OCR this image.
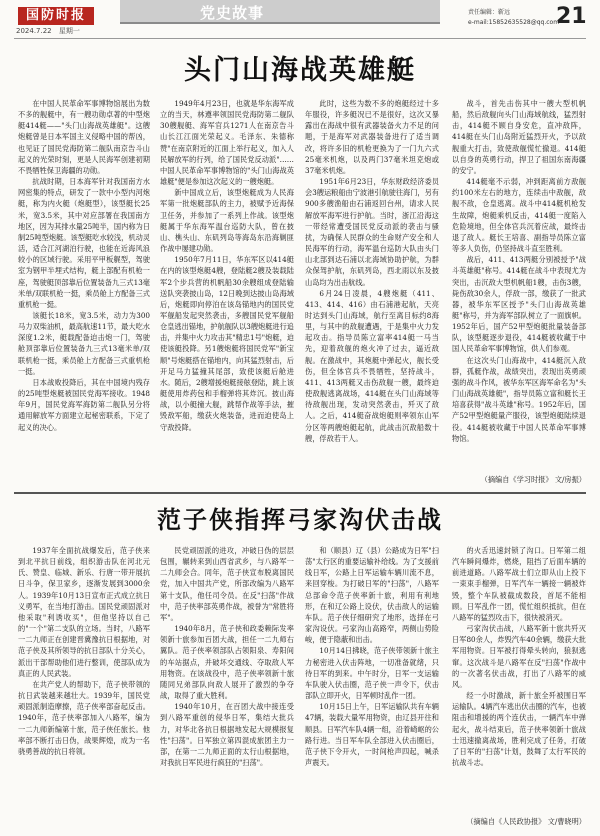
国防时报
2024.7.22 星期一
党史故事	责任编辑：靳远
e-mail:15852635528@qq.com
21
头门山海战英雄艇

在中国人民革命军事博物馆展出为数不多的舰艇中，有一艘功勋卓著的中型炮艇414艇——"头门山海战英雄艇"。这艘炮艇曾是日本军国主义侵略中国的帮凶，也见证了国民党海防第二舰队南京告斗山起义的光荣时刻，更是人民海军创建初期不畏牺牲保卫海疆的功勋。

抗战时期，日本海军针对我国南方水网密集的特点，研发了一款中小型内河炮艇，称为内火艇（炮艇型），该型艇长25米，宽3.5米，其中对应部署在我国南方地区，因为其排水量25吨半，国内称为日制25吨型炮艇。该型艇吃水较浅，机动灵活，适合江河湖泊行驶，也能在近海风浪较小的区域行驶。采用平甲板艉型，驾驶室为钢甲半埋式结构，艇上部配有机枪一座，驾驶艇顶部靠后位置装备九三式13毫米单/双联机枪一挺，乘员舱上方配备三式重机枪一挺。

该艇长18米，宽3.5米，动力为300马力双柴油机，最高航速11节，最大吃水深度1.2米，艇载配备迫击炮一门，驾驶舱顶部靠后位置装备九三式13毫米单/双联机枪一挺，乘员舱上方配备三式重机枪一挺。

日本战败投降后，其在中国境内残存的25吨型炮艇被国民党海军接收。1948年9月，国民党海军海防第二舰队另分将通用解放军方面建立起秘密联系，下定了起义的决心。

1949年4月23日，也就是华东海军成立的当天，林遵率领国民党海防第二舰队30艘舰艇、海军官兵1271人在南京告斗山长江江面光荣起义。毛泽东、朱德称赞"在南京附近的江面上举行起义，加入人民解放军的行列，给了国民党反动派"……中国人民革命军事博物馆的"头门山海战英雄艇"便是参加这次起义的一艘炮艇。

新中国成立后，该型炮艇成为人民海军第一批炮艇部队的主力，被赋予近海保卫任务，并参加了一系列上作战。该型炮艇属于华东海军温台巡防大队，曾在披山、樵头山、东矶列岛等海岛东沿海剿匪作战中屡建功勋。

1950年7月11日，华东军区以414艇在内的该型炮艇4艘，登陆艇2艘及装载陆军2个步兵营的机帆船30余艘组成登陆输送队突袭披山岛，12日晚到达披山岛海域后，炮艇即向停泊在该岛锚地内的国民党军舰船发起突然袭击，多艘国民党军舰船仓皇逃出锚地，护航舰队以3艘炮艇进行追击，并集中火力攻击其"精忠1号"炮艇，迫使该艇投降。另1艘炮艇将国民党军"新宝顺"号炮艇搭在锚地内，向其猛烈射击，后开足马力猛撞其尾部，致使该艇后舱进水。随后，2艘增援炮艇接舷登陆，跳上该艇使用炸药包和手榴弹将其炸沉。披山海战，以小艇撞大舰，跳帮作战等手法，摧毁敌军船，缴获火炮装备，进而迫使岛上守敌投降。

此时，这些为数不多的炮艇经过十多年服役，许多艇况已不是很好，这次又暴露出在海战中很有武器装备火力不足的问题，于是海军对武器装备进行了适当调改，将许多旧的机枪更换为了一门九六式25毫米机炮，以及两门37毫米坦克炮或37毫米机炮。

1951年6月23日，华东财政经济委员会3艘运粮船由宁波港引航驶往海门，另有900多艘渔船由石浦返回台州，请求人民解放军海军进行护航。当时，浙江沿海这一带经常遭受国民党反动派的袭击与骚扰，为确保人民群众的生命财产安全和人民海军的行动，海军温台巡防大队由头门山北部到达石浦以北海域协助护航，为群众保驾护航，东矶列岛，西北雨以东及披山岛均为出击航线。

6月24日凌晨，4艘炮艇（411、413、414、416）由石浦港起航，天亮时达到头门山海域，航行至离目标约8海里，与其中的敌舰遭遇，于是集中火力发起攻击。指导员陈立富率414艇一马当先，迎着敌舰的炮火冲了过去，逼近敌舰。在激战中，其炮艇中弹起火，舰长受伤，但全体官兵不畏牺牲，坚持战斗，411、413两艇又击伤敌舰一艘，最终迫使敌舰逃离战场，414艇在头门山海域等待敌舰出现，发动突然袭击，歼灭了敌人。之后，414艇奋战炮艇则率领东山军分区等两艘炮艇起航，此战击沉敌船数十艘，俘敌若干人。

战斗，首先击伤其中一艘大型机帆船，然后敌舰向头门山海域航线，猛烈射击，414艇不顾自身安危，直冲敌阵，414艇在头门山岛附近猛烈开火，予以敌舰重大打击，致使敌舰慌忙撤退。414艇以自身的英勇行动，捍卫了祖国东南海疆的安宁。

414艇毫不示弱，冲到距离前方敌舰约100米左右的地方，连续击中敌舰，敌舰不敌，仓皇逃离。战斗中414艇机枪发生故障，炮艇乘机反击，414艇一度陷入危险境地，但全体官兵沉着应战，最终击退了敌人。艇长王培喜、副指导员陈立富等多人负伤，仍坚持战斗直至胜利。

战后，411、413两艇分别被授予"战斗英雄艇"称号。414艇在战斗中表现尤为突出，击沉敌大型机帆船1艘，击伤3艘，毙伤敌30余人，俘敌一部，缴获了一批武器，被华东军区授予"头门山海战英雄艇"称号，并为海军部队树立了一面旗帜。1952年后，国产52甲型炮艇批量装备部队，该型艇逐步退役，414艇被收藏于中国人民革命军事博物馆，供人们参观。

在这次头门山海战中，414艇沉入敌群，孤艇作战，战绩突出，表现出英勇顽强的战斗作风，被华东军区海军命名为"头门山海战英雄艇"，指导员陈立富和艇长王培喜获得"战斗英雄"称号。1952年后，国产52甲型炮艇量产服役，该型炮艇陆续退役。414艇被收藏于中国人民革命军事博物馆。

（摘编自《学习时报》 文/房振）

范子侠指挥弓家沟伏击战

1937年全面抗战爆发后，范子侠来到北平抗日前线，组织游击队在河北元氏、赞皇、临城、新乐、行唐一带开展抗日斗争，保卫家乡，逐渐发展到3000余人。1939年10月13日宣布正式成立抗日义勇军，在当地打游击。国民党顽固派对他采取"利诱收买"，但他坚持以自己的"一个"第二支队的立场。当时，八路军一二九师正在创建晋冀豫抗日根据地，对范子侠及其所领导的抗日部队十分关心，派出干部帮助他们进行整训，使部队成为真正的人民武装。

在共产党人的帮助下，范子侠带领的抗日武装越来越壮大。1939年，国民党顽固派制造摩擦，范子侠率部奋起反击。1940年，范子侠率部加入八路军，编为一二九师新编第十旅，范子侠任旅长。他率部不断打击日伪，战果辉煌，成为一名骁勇善战的抗日将领。

民党顽固派的进攻，冲破日伪的层层包围，辗转来到山西省武乡，与八路军一二九师会合。同年，范子侠宣布脱离国民党，加入中国共产党，所部改编为八路军第十支队，他任司令员。在反"扫荡"作战中，范子侠率部英勇作战，被誉为"常胜将军"。

1940年8月，范子侠和政委赖际发率领新十旅参加百团大战，担任一二九师右翼队。范子侠率领部队占领阳泉、寿阳间的车站据点，并破坏交通线、夺取敌人军用物资。在该战役中，范子侠率领新十旅随同兄弟部队向敌人展开了激烈的争夺战，取得了重大胜利。

1940年10月，在百团大战中接连受到八路军重创的侵华日军，集结大批兵力，对华北各抗日根据地发起大规模报复性"扫荡"。日军独立第四混成旅团主力一部，在第一二九师正面的太行山根据地，对我抗日军民进行疯狂的"扫荡"。

和（顺县）辽（县）公路成为日军"扫荡"太行区的重要运输补给线。为了支援前线日军，公路上日军运输车辆川流不息，来回穿梭。为打破日军的"扫荡"，八路军总部命令范子侠率新十旅，利用有利地形，在和辽公路上设伏，伏击敌人的运输车队。范子侠仔细研究了地形，选择在弓家沟设伏。弓家沟山高路窄，两侧山势险峻，便于隐蔽和出击。

10月14日拂晓，范子侠带领新十旅主力秘密进入伏击阵地，一切准备就绪，只待日军的到来。中午时分，日军一支运输车队驶入伏击圈，范子侠一声令下，伏击部队立即开火，日军顿时乱作一团。

10月15日上午，日军运输队共有车辆47辆，装载大量军用物资，由辽县开往和顺县。日军汽车队4辆一组，沿着崎岖的公路行进。当日军车队全部进入伏击圈后，范子侠下令开火，一时间枪声四起，喊杀声震天。

的火舌迅速封锁了沟口。日军第二组汽车瞬间爆炸，燃烧，阻挡了后面车辆的前进道路。八路军战士们立即从山上投下一束束手榴弹，日军汽车一辆接一辆被炸毁，整个车队被截成数段，首尾不能相顾。日军乱作一团，慌忙组织抵抗，但在八路军的猛烈攻击下，很快被消灭。

弓家沟伏击战，八路军新十旅共歼灭日军80余人，炸毁汽车40余辆，缴获大批军用物资。日军被打得晕头转向，狼狈逃窜。这次战斗是八路军在反"扫荡"作战中的一次著名伏击战，打出了八路军的威风。

经一小时激战，新十旅全歼被围日军运输队。4辆汽车逃出伏击圈的汽车，也被阻击和增援的两个连伏击，一辆汽车中弹起火，战斗结束后，范子侠率领新十旅战士迅速撤离战场，胜利完成了任务，打破了日军的"扫荡"计划，鼓舞了太行军民的抗战斗志。

（摘编自《人民政协报》 文/曹晓明）
